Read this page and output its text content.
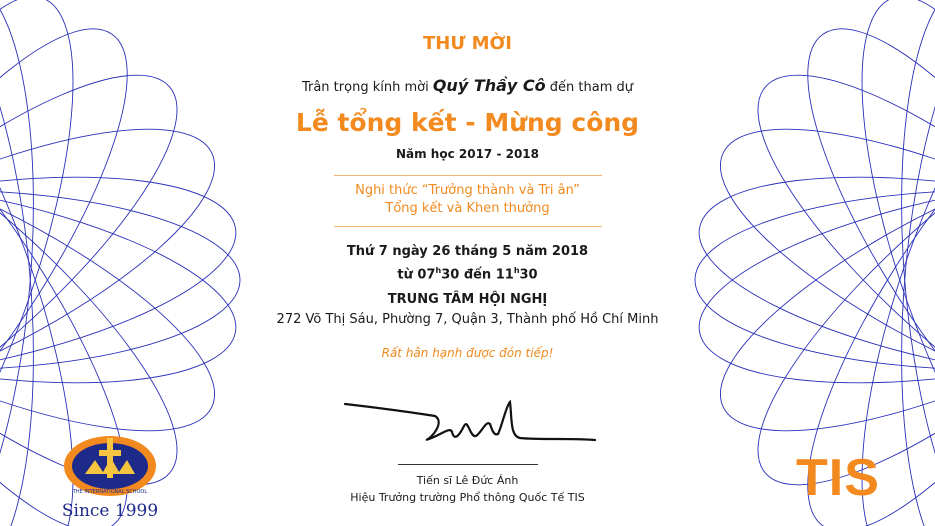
THƯ MỜI
Trân trọng kính mời Quý Thầy Cô đến tham dự
Lễ tổng kết - Mừng công
Năm học 2017 - 2018
Nghi thức “Trưởng thành và Tri ân”
Tổng kết và Khen thưởng
Thứ 7 ngày 26 tháng 5 năm 2018
từ 07$^h$30 đến 11$^h$30
TRUNG TÂM HỘI NGHỊ
272 Võ Thị Sáu, Phường 7, Quận 3, Thành phố Hồ Chí Minh
Rất hân hạnh được đón tiếp!
Tiến sĩ Lê Đức Ánh
Hiệu Trưởng trường Phổ thông Quốc Tế TIS
THE INTERNATIONAL SCHOOL
Since 1999
TIS
